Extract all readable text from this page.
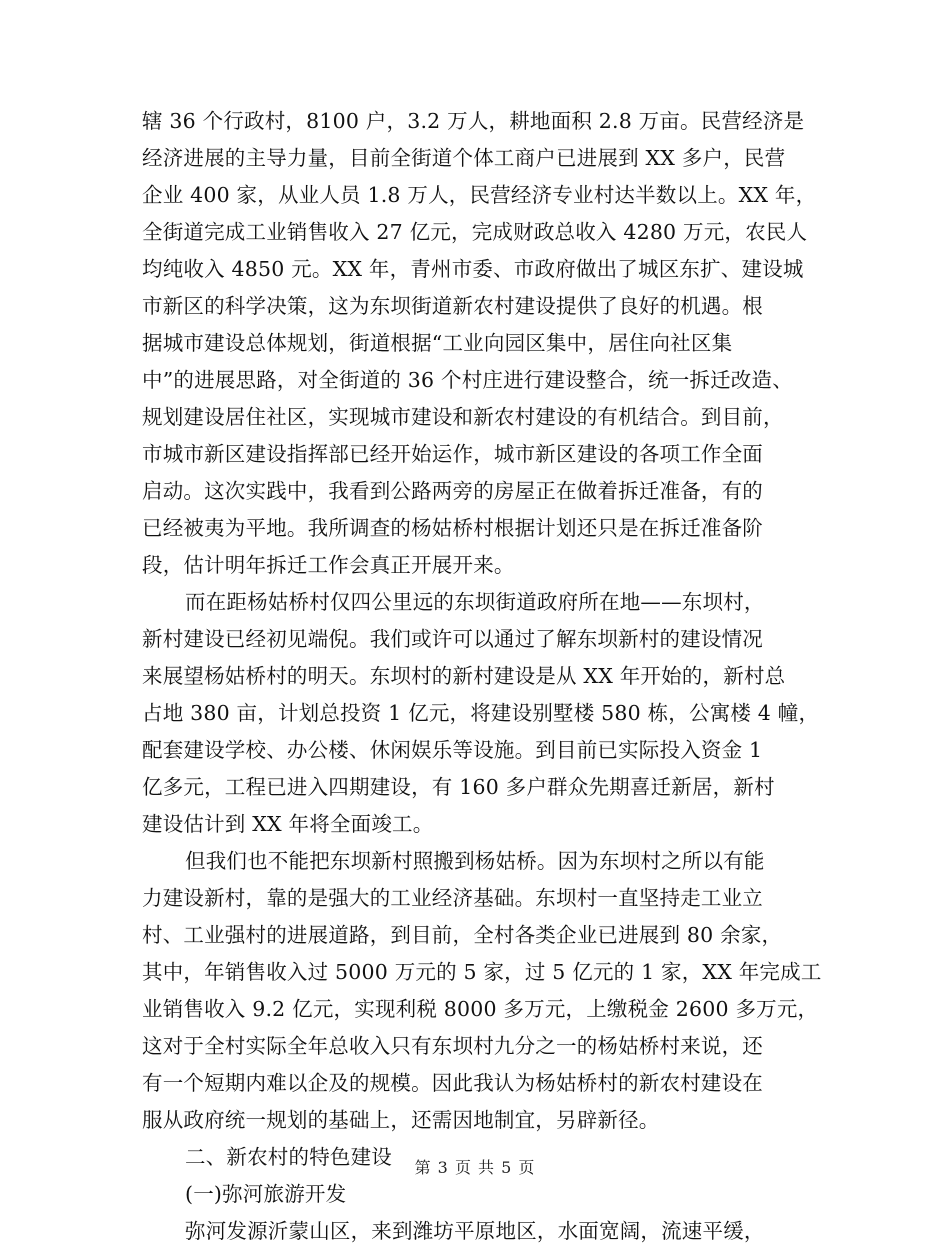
辖 36 个行政村，8100 户，3.2 万人，耕地面积 2.8 万亩。民营经济是
经济进展的主导力量，目前全街道个体工商户已进展到 XX 多户，民营
企业 400 家，从业人员 1.8 万人，民营经济专业村达半数以上。XX 年，
全街道完成工业销售收入 27 亿元，完成财政总收入 4280 万元，农民人
均纯收入 4850 元。XX 年，青州市委、市政府做出了城区东扩、建设城
市新区的科学决策，这为东坝街道新农村建设提供了良好的机遇。根
据城市建设总体规划，街道根据“工业向园区集中，居住向社区集
中”的进展思路，对全街道的 36 个村庄进行建设整合，统一拆迁改造、
规划建设居住社区，实现城市建设和新农村建设的有机结合。到目前，
市城市新区建设指挥部已经开始运作，城市新区建设的各项工作全面
启动。这次实践中，我看到公路两旁的房屋正在做着拆迁准备，有的
已经被夷为平地。我所调查的杨姑桥村根据计划还只是在拆迁准备阶
段，估计明年拆迁工作会真正开展开来。
而在距杨姑桥村仅四公里远的东坝街道政府所在地——东坝村，
新村建设已经初见端倪。我们或许可以通过了解东坝新村的建设情况
来展望杨姑桥村的明天。东坝村的新村建设是从 XX 年开始的，新村总
占地 380 亩，计划总投资 1 亿元，将建设别墅楼 580 栋，公寓楼 4 幢，
配套建设学校、办公楼、休闲娱乐等设施。到目前已实际投入资金 1
亿多元，工程已进入四期建设，有 160 多户群众先期喜迁新居，新村
建设估计到 XX 年将全面竣工。
但我们也不能把东坝新村照搬到杨姑桥。因为东坝村之所以有能
力建设新村，靠的是强大的工业经济基础。东坝村一直坚持走工业立
村、工业强村的进展道路，到目前，全村各类企业已进展到 80 余家，
其中，年销售收入过 5000 万元的 5 家，过 5 亿元的 1 家，XX 年完成工
业销售收入 9.2 亿元，实现利税 8000 多万元，上缴税金 2600 多万元，
这对于全村实际全年总收入只有东坝村九分之一的杨姑桥村来说，还
有一个短期内难以企及的规模。因此我认为杨姑桥村的新农村建设在
服从政府统一规划的基础上，还需因地制宜，另辟新径。
二、新农村的特色建设
(一)弥河旅游开发
弥河发源沂蒙山区，来到潍坊平原地区，水面宽阔，流速平缓，
第 3 页 共 5 页
